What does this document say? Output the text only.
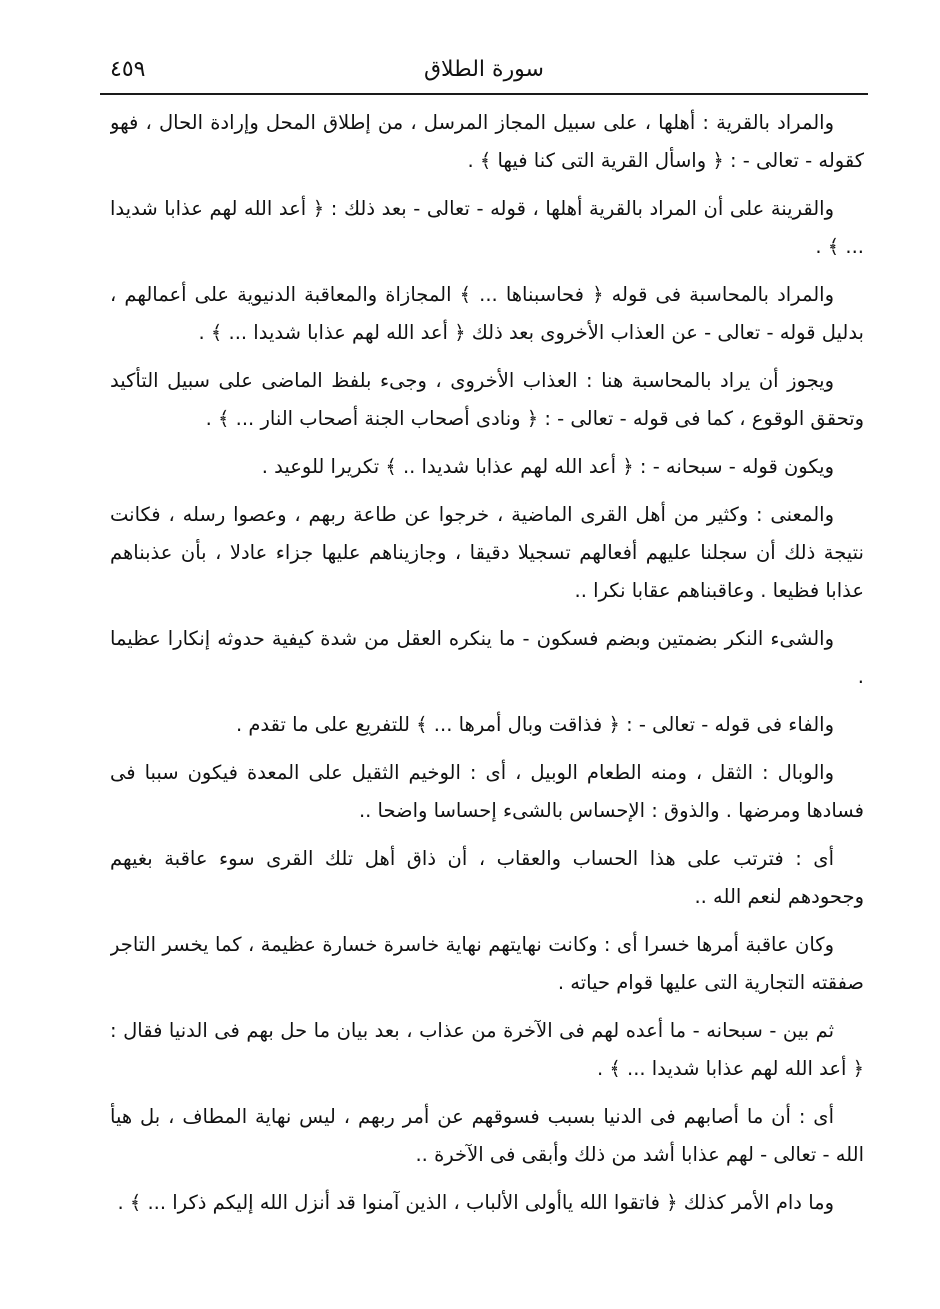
سورة الطلاق
٤٥٩

والمراد بالقرية : أهلها ، على سبيل المجاز المرسل ، من إطلاق المحل وإرادة الحال ، فهو كقوله - تعالى - : ﴿ واسأل القرية التى كنا فيها ﴾ .

والقرينة على أن المراد بالقرية أهلها ، قوله - تعالى - بعد ذلك : ﴿ أعد الله لهم عذابا شديدا ... ﴾ .

والمراد بالمحاسبة فى قوله ﴿ فحاسبناها ... ﴾ المجازاة والمعاقبة الدنيوية على أعمالهم ، بدليل قوله - تعالى - عن العذاب الأخروى بعد ذلك ﴿ أعد الله لهم عذابا شديدا ... ﴾ .

ويجوز أن يراد بالمحاسبة هنا : العذاب الأخروى ، وجىء بلفظ الماضى على سبيل التأكيد وتحقق الوقوع ، كما فى قوله - تعالى - : ﴿ ونادى أصحاب الجنة أصحاب النار ... ﴾ .

ويكون قوله - سبحانه - : ﴿ أعد الله لهم عذابا شديدا .. ﴾ تكريرا للوعيد .

والمعنى : وكثير من أهل القرى الماضية ، خرجوا عن طاعة ربهم ، وعصوا رسله ، فكانت نتيجة ذلك أن سجلنا عليهم أفعالهم تسجيلا دقيقا ، وجازيناهم عليها جزاء عادلا ، بأن عذبناهم عذابا فظيعا . وعاقبناهم عقابا نكرا ..

والشىء النكر بضمتين وبضم فسكون - ما ينكره العقل من شدة كيفية حدوثه إنكارا عظيما .

والفاء فى قوله - تعالى - : ﴿ فذاقت وبال أمرها ... ﴾ للتفريع على ما تقدم .

والوبال : الثقل ، ومنه الطعام الوبيل ، أى : الوخيم الثقيل على المعدة فيكون سببا فى فسادها ومرضها . والذوق : الإحساس بالشىء إحساسا واضحا ..

أى : فترتب على هذا الحساب والعقاب ، أن ذاق أهل تلك القرى سوء عاقبة بغيهم وجحودهم لنعم الله ..

وكان عاقبة أمرها خسرا أى : وكانت نهايتهم نهاية خاسرة خسارة عظيمة ، كما يخسر التاجر صفقته التجارية التى عليها قوام حياته .

ثم بين - سبحانه - ما أعده لهم فى الآخرة من عذاب ، بعد بيان ما حل بهم فى الدنيا فقال : ﴿ أعد الله لهم عذابا شديدا ... ﴾ .

أى : أن ما أصابهم فى الدنيا بسبب فسوقهم عن أمر ربهم ، ليس نهاية المطاف ، بل هيأ الله - تعالى - لهم عذابا أشد من ذلك وأبقى فى الآخرة ..

وما دام الأمر كذلك ﴿ فاتقوا الله ياأولى الألباب ، الذين آمنوا قد أنزل الله إليكم ذكرا ... ﴾ .
